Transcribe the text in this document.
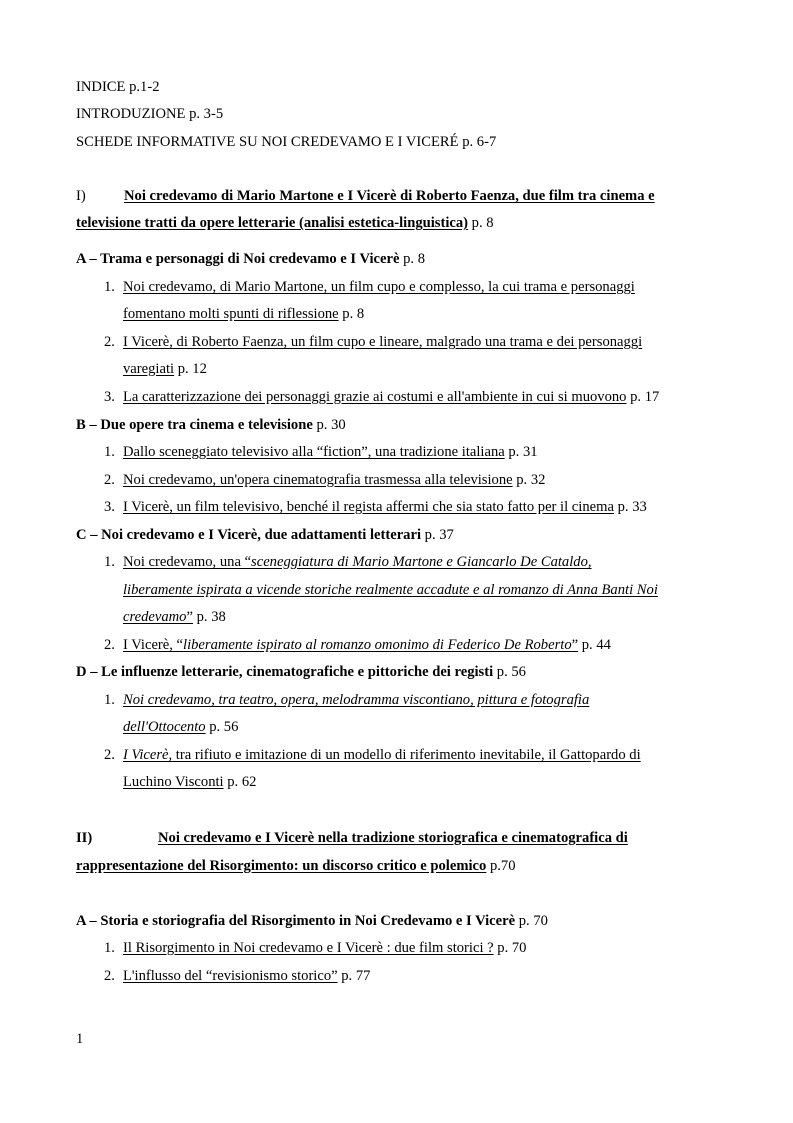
INDICE p.1-2
INTRODUZIONE p. 3-5
SCHEDE INFORMATIVE SU NOI CREDEVAMO E I VICERÉ p. 6-7
I)	Noi credevamo di Mario Martone e I Vicerè di Roberto Faenza, due film tra cinema e
televisione tratti da opere letterarie (analisi estetica-linguistica) p. 8
A – Trama e personaggi di Noi credevamo e I Vicerè p. 8
1. Noi credevamo, di Mario Martone, un film cupo e complesso, la cui trama e personaggi
fomentano molti spunti di riflessione p. 8
2. I Vicerè, di Roberto Faenza, un film cupo e lineare, malgrado una trama e dei personaggi
varegiati p. 12
3. La caratterizzazione dei personaggi grazie ai costumi e all'ambiente in cui si muovono p. 17
B – Due opere tra cinema e televisione p. 30
1. Dallo sceneggiato televisivo alla “fiction”, una tradizione italiana p. 31
2. Noi credevamo, un'opera cinematografia trasmessa alla televisione p. 32
3. I Vicerè, un film televisivo, benché il regista affermi che sia stato fatto per il cinema p. 33
C – Noi credevamo e I Vicerè, due adattamenti letterari p. 37
1. Noi credevamo, una “sceneggiatura di Mario Martone e Giancarlo De Cataldo,
liberamente ispirata a vicende storiche realmente accadute e al romanzo di Anna Banti Noi
credevamo” p. 38
2. I Vicerè, “liberamente ispirato al romanzo omonimo di Federico De Roberto” p. 44
D – Le influenze letterarie, cinematografiche e pittoriche dei registi p. 56
1. Noi credevamo, tra teatro, opera, melodramma viscontiano, pittura e fotografia
dell'Ottocento p. 56
2. I Vicerè, tra rifiuto e imitazione di un modello di riferimento inevitabile, il Gattopardo di
Luchino Visconti p. 62
II)	Noi credevamo e I Vicerè nella tradizione storiografica e cinematografica di
rappresentazione del Risorgimento: un discorso critico e polemico p.70
A – Storia e storiografia del Risorgimento in Noi Credevamo e I Vicerè p. 70
1. Il Risorgimento in Noi credevamo e I Vicerè : due film storici ? p. 70
2. L'influsso del “revisionismo storico” p. 77
1
